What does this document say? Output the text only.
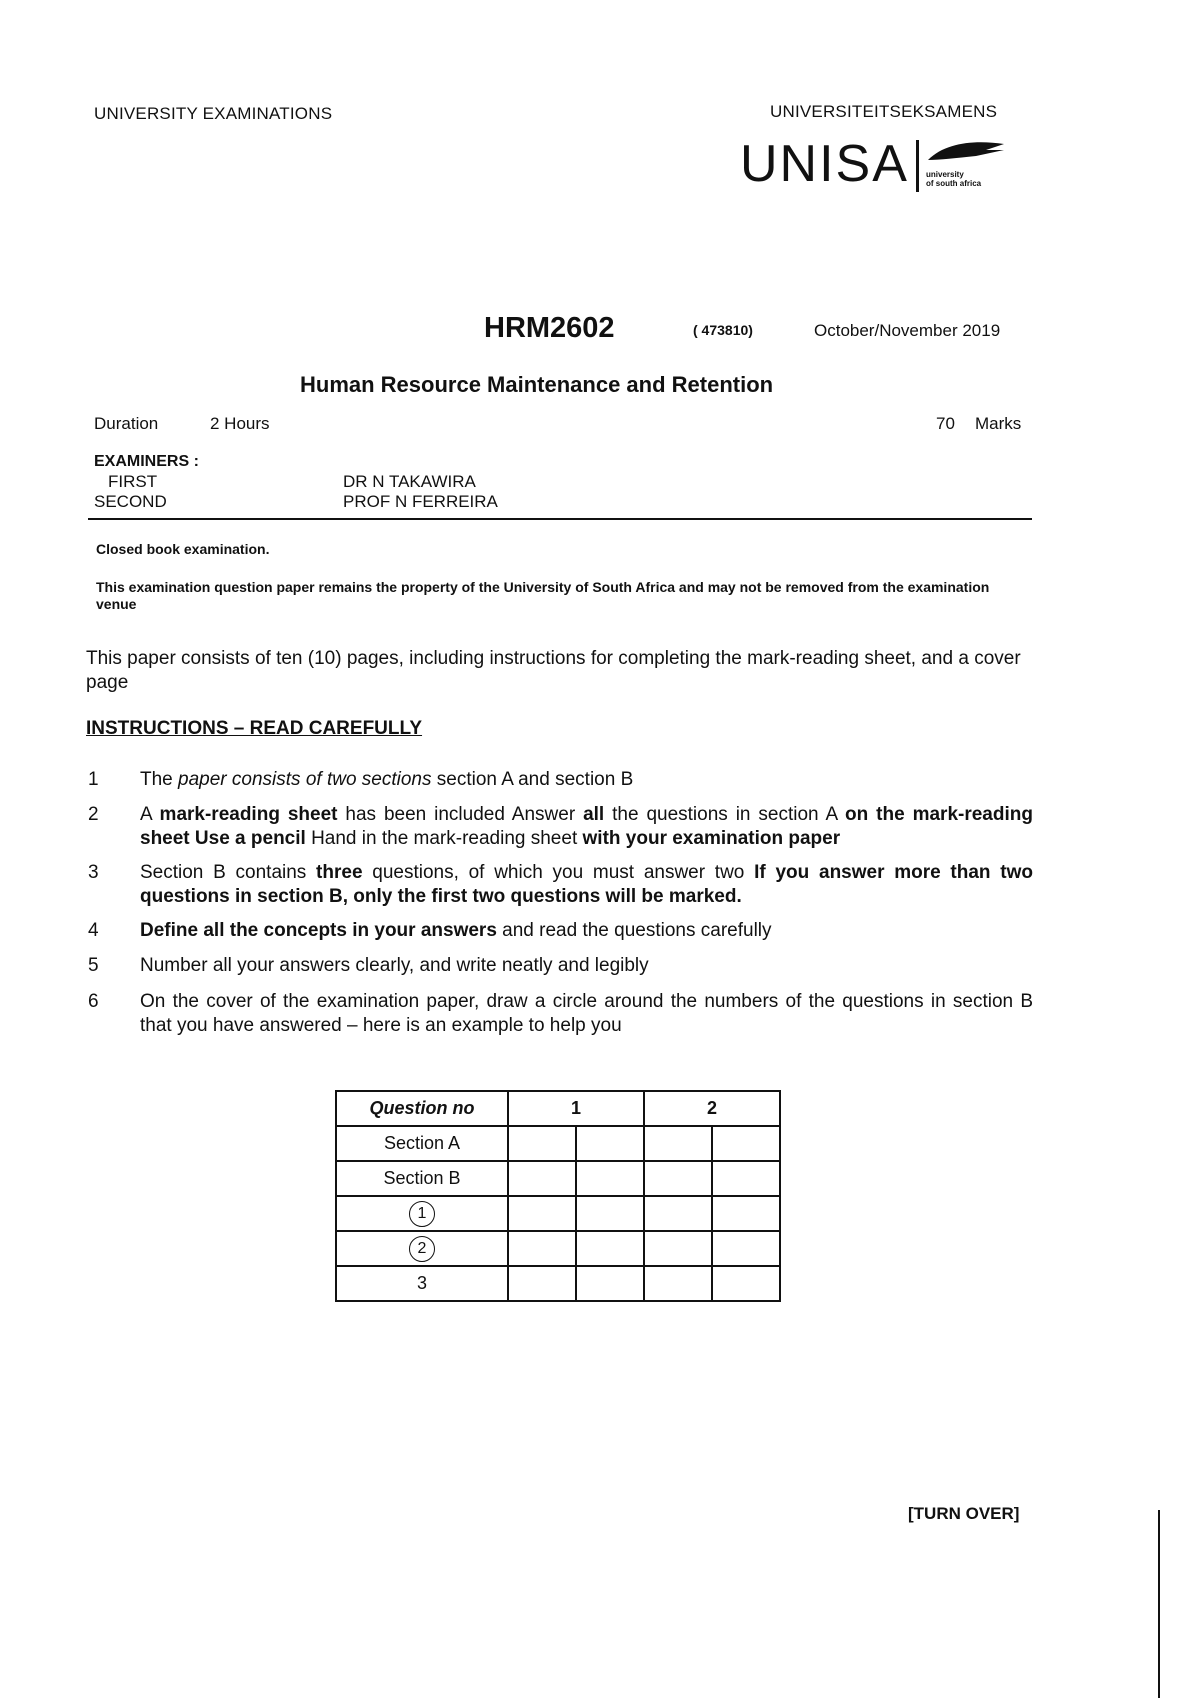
UNIVERSITY EXAMINATIONS	UNIVERSITEITSEKSAMENS
UNISA university
of south africa
HRM2602	( 473810)	October/November 2019
Human Resource Maintenance and Retention
Duration	2 Hours	70 Marks
EXAMINERS :
FIRST	DR N TAKAWIRA
SECOND	PROF N FERREIRA
Closed book examination.
This examination question paper remains the property of the University of South Africa and may not be removed from the examination venue
This paper consists of ten (10) pages, including instructions for completing the mark-reading sheet, and a cover page
INSTRUCTIONS – READ CAREFULLY
1 The paper consists of two sections section A and section B
2 A mark-reading sheet has been included Answer all the questions in section A on the mark-reading sheet Use a pencil Hand in the mark-reading sheet with your examination paper
3 Section B contains three questions, of which you must answer two If you answer more than two questions in section B, only the first two questions will be marked.
4 Define all the concepts in your answers and read the questions carefully
5 Number all your answers clearly, and write neatly and legibly
6 On the cover of the examination paper, draw a circle around the numbers of the questions in section B that you have answered – here is an example to help you
Question no	1		2	
Section A				
Section B				
1				
2				
3				
[TURN OVER]
